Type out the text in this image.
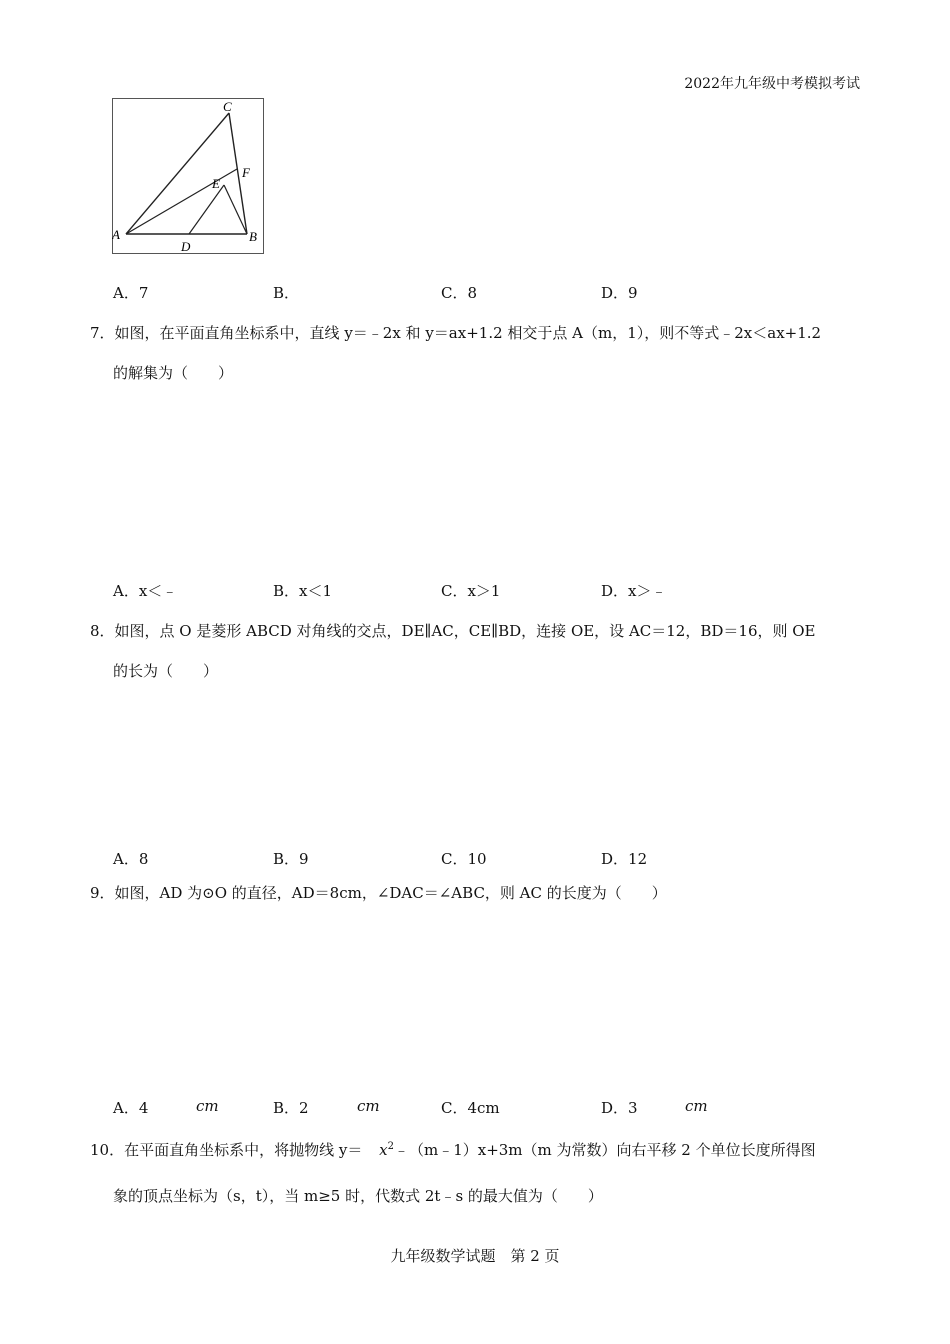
2022年九年级中考模拟考试
C
F
E
A	B
D
A．7	B．	C．8	D．9
7．如图，在平面直角坐标系中，直线 y＝﹣2x 和 y＝ax+1.2 相交于点 A（m，1），则不等式﹣2x＜ax+1.2
的解集为（　　）
A．x＜﹣	B．x＜1	C．x＞1	D．x＞﹣
8．如图，点 O 是菱形 ABCD 对角线的交点，DE∥AC，CE∥BD，连接 OE，设 AC＝12，BD＝16，则 OE
的长为（　　）
A．8	B．9	C．10	D．12
9．如图，AD 为⊙O 的直径，AD＝8cm，∠DAC＝∠ABC，则 AC 的长度为（　　）
A．4	cm	B．2	cm	C．4cm	D．3	cm
10．在平面直角坐标系中，将抛物线 $y= x^2﹣(m﹣1)x+3m(m$ 为常数）向右平移 2 个单位长度所得图
象的顶点坐标为（s，t），当 m≥5 时，代数式 2t﹣s 的最大值为（　　）
九年级数学试题　第 2 页
